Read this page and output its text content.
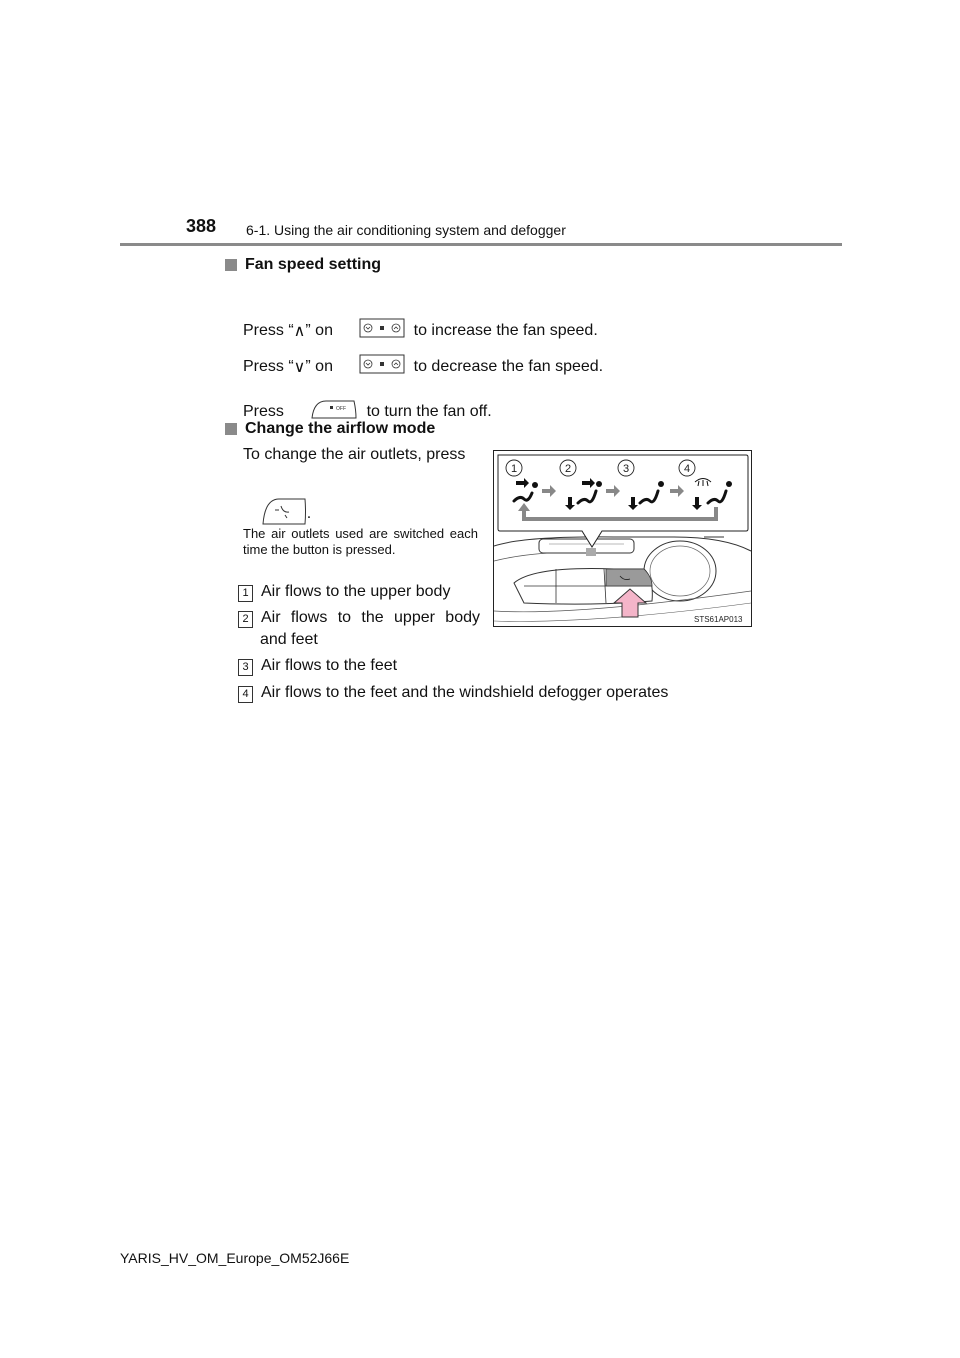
388 6-1. Using the air conditioning system and defogger
Fan speed setting
Press “ ∧ ” on

	to increase the fan speed.
Press “ ∨ ” on

	to decrease the fan speed.
Press

	OFF

to turn the fan off.
Change the airflow mode
To change the air outlets, press

.
The air outlets used are switched each time the button is pressed.
1 Air flows to the upper body
2 Air flows to the upper body
and feet
3 Air flows to the feet
4 Air flows to the feet and the windshield defogger operates
1	2	3	4
STS61AP013
YARIS_HV_OM_Europe_OM52J66E
